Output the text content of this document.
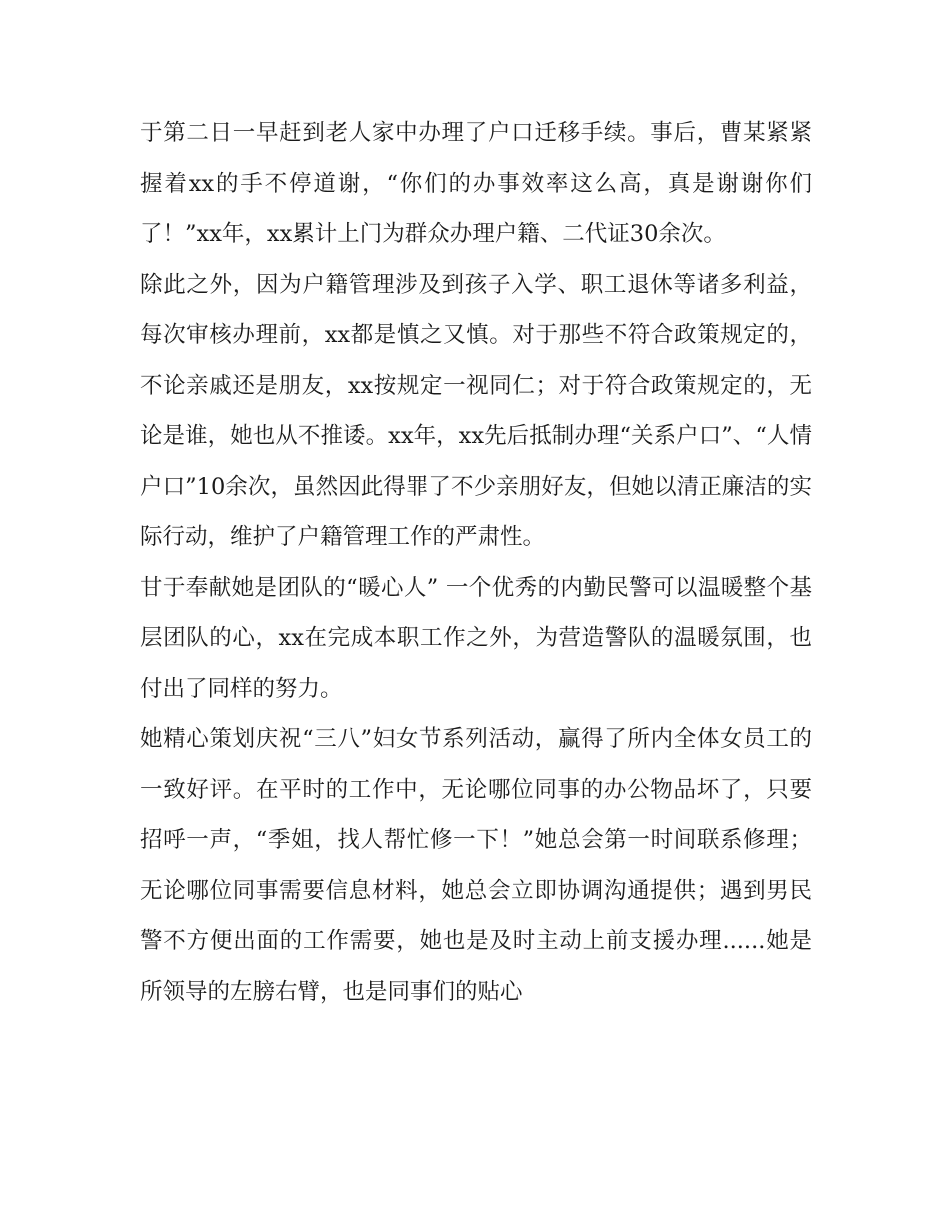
于第二日一早赶到老人家中办理了户口迁移手续。事后，曹某紧紧握着xx的手不停道谢，“你们的办事效率这么高，真是谢谢你们了！”xx年，xx累计上门为群众办理户籍、二代证30余次。

除此之外，因为户籍管理涉及到孩子入学、职工退休等诸多利益，每次审核办理前，xx都是慎之又慎。对于那些不符合政策规定的，不论亲戚还是朋友，xx按规定一视同仁；对于符合政策规定的，无论是谁，她也从不推诿。xx年，xx先后抵制办理“关系户口”、“人情户口”10余次，虽然因此得罪了不少亲朋好友，但她以清正廉洁的实际行动，维护了户籍管理工作的严肃性。

甘于奉献她是团队的“暖心人” 一个优秀的内勤民警可以温暖整个基层团队的心，xx在完成本职工作之外，为营造警队的温暖氛围，也付出了同样的努力。

她精心策划庆祝“三八”妇女节系列活动，赢得了所内全体女员工的一致好评。在平时的工作中，无论哪位同事的办公物品坏了，只要招呼一声，“季姐，找人帮忙修一下！”她总会第一时间联系修理；无论哪位同事需要信息材料，她总会立即协调沟通提供；遇到男民警不方便出面的工作需要，她也是及时主动上前支援办理......她是所领导的左膀右臂，也是同事们的贴心
